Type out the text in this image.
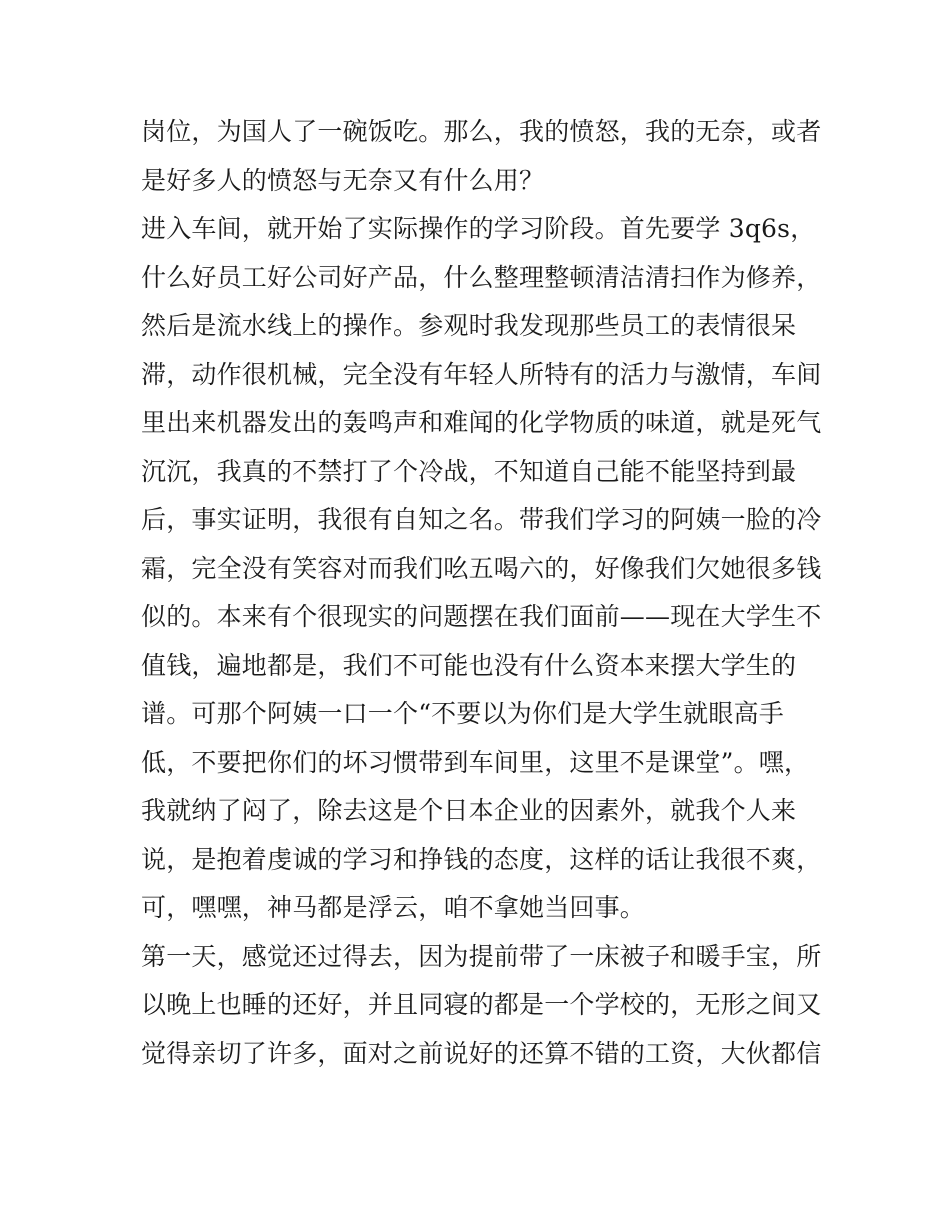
岗位，为国人了一碗饭吃。那么，我的愤怒，我的无奈，或者
是好多人的愤怒与无奈又有什么用？
进入车间，就开始了实际操作的学习阶段。首先要学 3q6s，
什么好员工好公司好产品，什么整理整顿清洁清扫作为修养，
然后是流水线上的操作。参观时我发现那些员工的表情很呆
滞，动作很机械，完全没有年轻人所特有的活力与激情，车间
里出来机器发出的轰鸣声和难闻的化学物质的味道，就是死气
沉沉，我真的不禁打了个冷战，不知道自己能不能坚持到最
后，事实证明，我很有自知之名。带我们学习的阿姨一脸的冷
霜，完全没有笑容对而我们吆五喝六的，好像我们欠她很多钱
似的。本来有个很现实的问题摆在我们面前——现在大学生不
值钱，遍地都是，我们不可能也没有什么资本来摆大学生的
谱。可那个阿姨一口一个“不要以为你们是大学生就眼高手
低，不要把你们的坏习惯带到车间里，这里不是课堂”。嘿，
我就纳了闷了，除去这是个日本企业的因素外，就我个人来
说，是抱着虔诚的学习和挣钱的态度，这样的话让我很不爽，
可，嘿嘿，神马都是浮云，咱不拿她当回事。
第一天，感觉还过得去，因为提前带了一床被子和暖手宝，所
以晚上也睡的还好，并且同寝的都是一个学校的，无形之间又
觉得亲切了许多，面对之前说好的还算不错的工资，大伙都信
